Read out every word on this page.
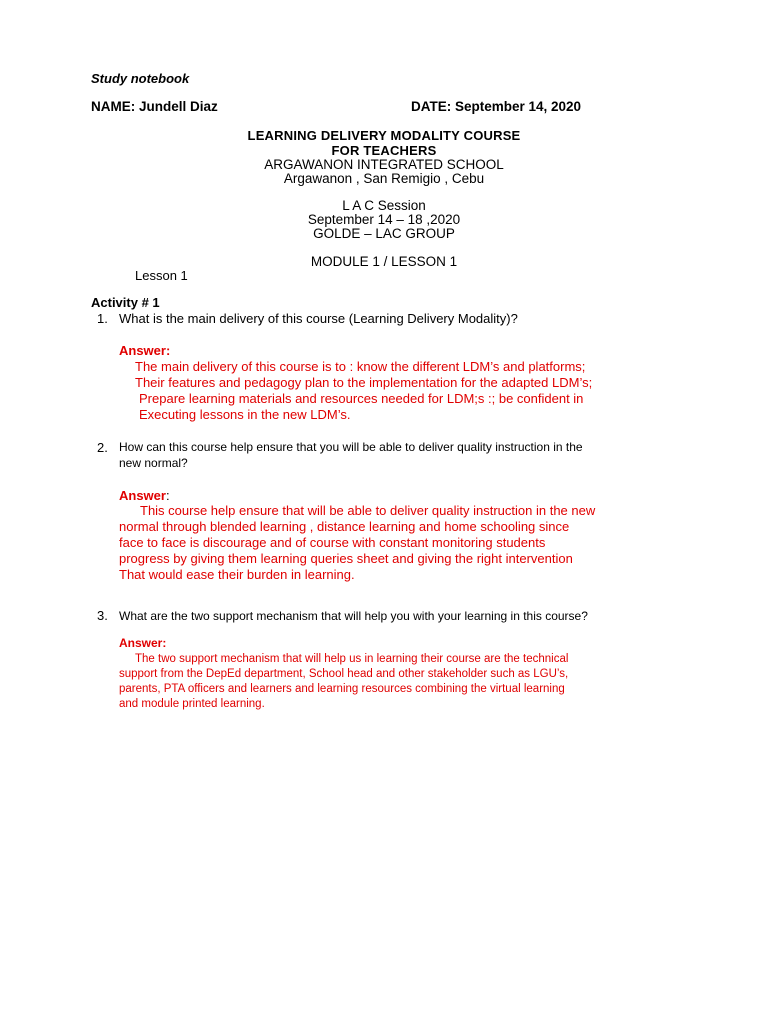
Study notebook
NAME: Jundell Diaz	DATE: September 14, 2020
LEARNING DELIVERY MODALITY COURSE
FOR TEACHERS
ARGAWANON INTEGRATED SCHOOL
Argawanon , San Remigio , Cebu
L A C Session
September 14 – 18 ,2020
GOLDE – LAC GROUP
MODULE 1 / LESSON 1
Lesson 1
Activity # 1
1. What is the main delivery of this course (Learning Delivery Modality)?
Answer:
The main delivery of this course is to : know the different LDM’s and platforms;
Their features and pedagogy plan to the implementation for the adapted LDM’s;
Prepare learning materials and resources needed for LDM;s :; be confident in
Executing lessons in the new LDM’s.
2. How can this course help ensure that you will be able to deliver quality instruction in the
new normal?
Answer:
This course help ensure that will be able to deliver quality instruction in the new
normal through blended learning , distance learning and home schooling since
face to face is discourage and of course with constant monitoring students
progress by giving them learning queries sheet and giving the right intervention
That would ease their burden in learning.
3. What are the two support mechanism that will help you with your learning in this course?
Answer:
The two support mechanism that will help us in learning their course are the technical
support from the DepEd department, School head and other stakeholder such as LGU’s,
parents, PTA officers and learners and learning resources combining the virtual learning
and module printed learning.
